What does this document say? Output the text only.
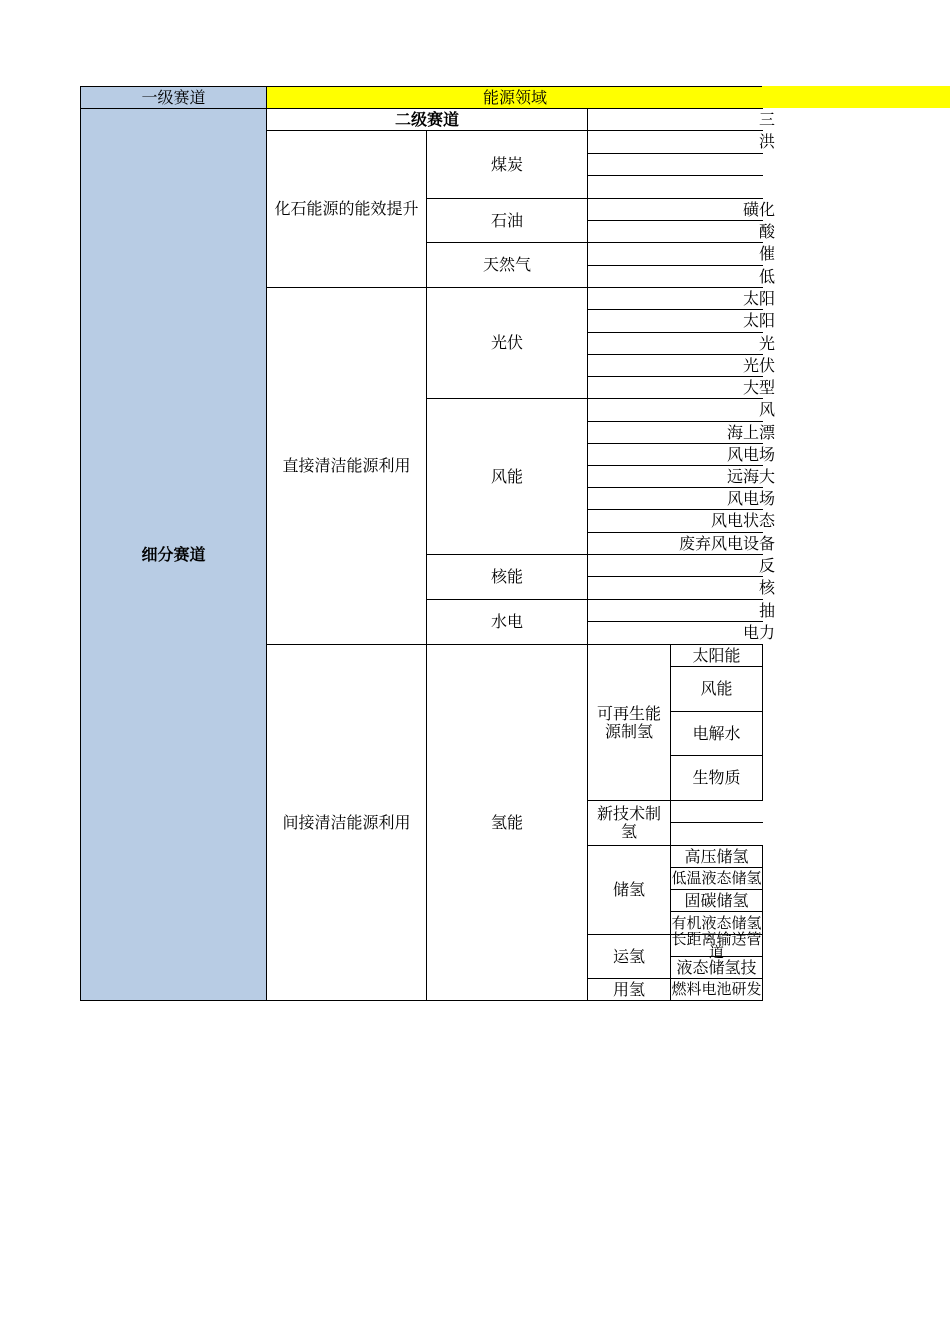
一级赛道	能源领域
细分赛道
二级赛道	三
化石能源的能效提升
直接清洁能源利用
间接清洁能源利用
煤炭
石油
天然气
光伏
风能
核能
水电
氢能
洪
磺化
酸
催
低
太阳
太阳
光
光伏
大型
风
海上漂
风电场
远海大
风电场
风电状态
废弃风电设备
反
核
抽
电力
可再生能源制氢
新技术制氢
储氢
运氢
用氢
太阳能
风能
电解水
生物质
高压储氢
低温液态储氢
固碳储氢
有机液态储氢
长距离输送管道
液态储氢技
燃料电池研发
